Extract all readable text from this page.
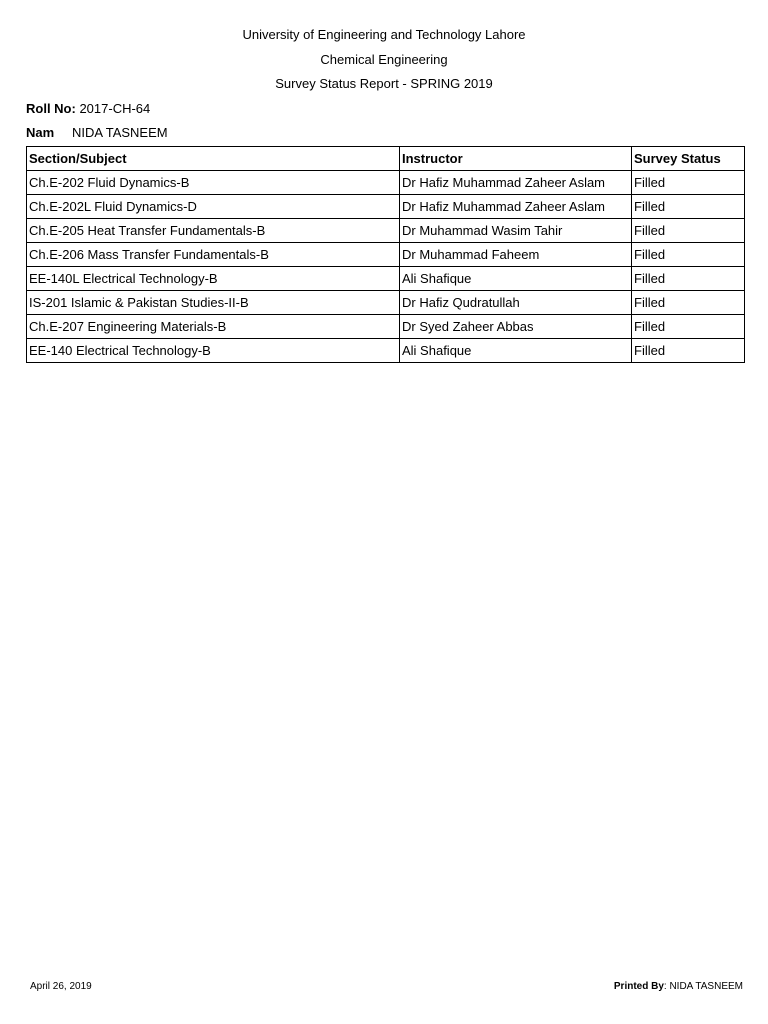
University of Engineering and Technology Lahore
Chemical Engineering
Survey Status Report - SPRING 2019
Roll No: 2017-CH-64
Nam NIDA TASNEEM
Section/Subject	Instructor	Survey Status
Ch.E-202 Fluid Dynamics-B	Dr Hafiz Muhammad Zaheer Aslam	Filled
Ch.E-202L Fluid Dynamics-D	Dr Hafiz Muhammad Zaheer Aslam	Filled
Ch.E-205 Heat Transfer Fundamentals-B	Dr Muhammad Wasim Tahir	Filled
Ch.E-206 Mass Transfer Fundamentals-B	Dr Muhammad Faheem	Filled
EE-140L Electrical Technology-B	Ali Shafique	Filled
IS-201 Islamic & Pakistan Studies-II-B	Dr Hafiz Qudratullah	Filled
Ch.E-207 Engineering Materials-B	Dr Syed Zaheer Abbas	Filled
EE-140 Electrical Technology-B	Ali Shafique	Filled
April 26, 2019	Printed By: NIDA TASNEEM
